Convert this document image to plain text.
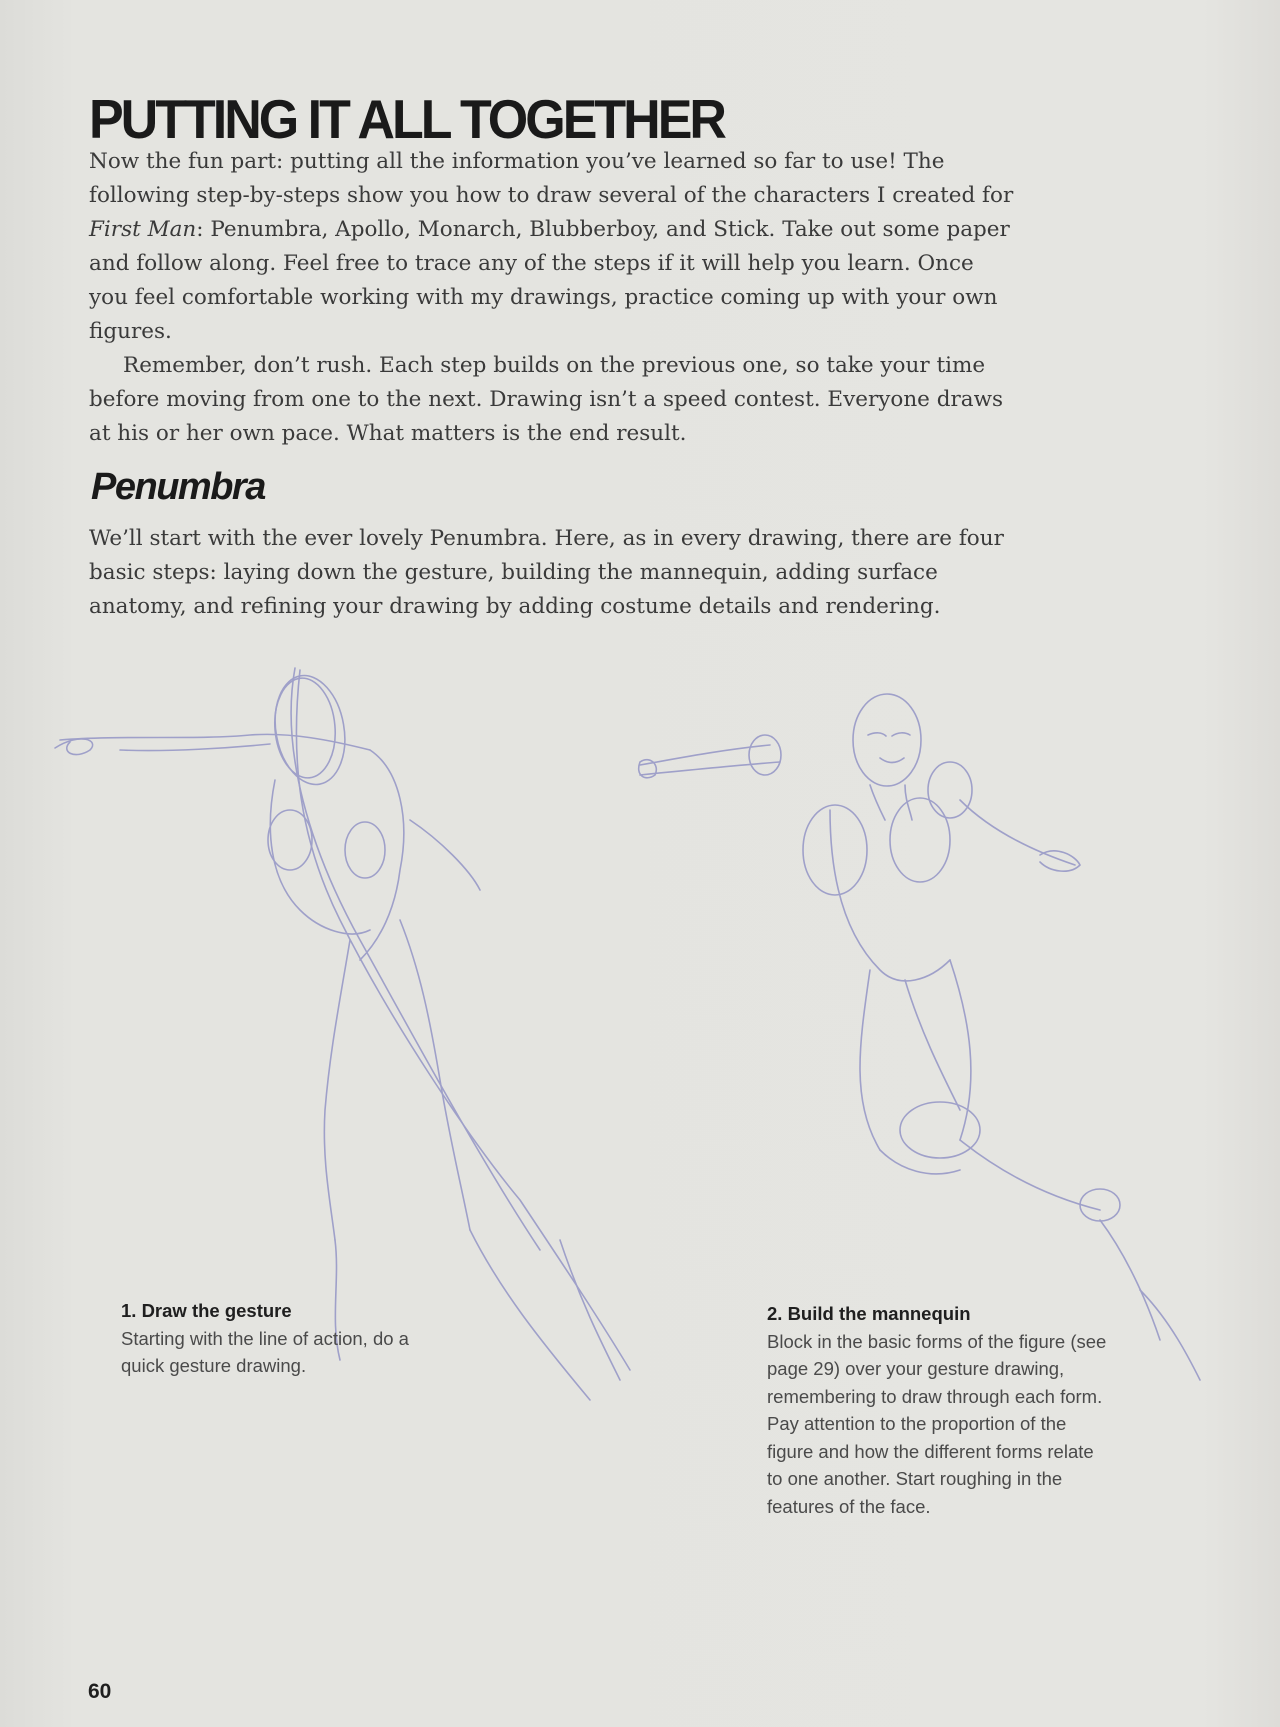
PUTTING IT ALL TOGETHER

Now the fun part: putting all the information you’ve learned so far to use! The following step-by-steps show you how to draw several of the characters I created for First Man: Penumbra, Apollo, Monarch, Blubberboy, and Stick. Take out some paper and follow along. Feel free to trace any of the steps if it will help you learn. Once you feel comfortable working with my drawings, practice coming up with your own figures.

Remember, don’t rush. Each step builds on the previous one, so take your time before moving from one to the next. Drawing isn’t a speed contest. Everyone draws at his or her own pace. What matters is the end result.

Penumbra

We’ll start with the ever lovely Penumbra. Here, as in every drawing, there are four basic steps: laying down the gesture, building the mannequin, adding surface anatomy, and refining your drawing by adding costume details and rendering.

1. Draw the gesture
Starting with the line of action, do a quick gesture drawing.
2. Build the mannequin
Block in the basic forms of the figure (see page 29) over your gesture drawing, remembering to draw through each form. Pay attention to the proportion of the figure and how the different forms relate to one another. Start roughing in the features of the face.
60
